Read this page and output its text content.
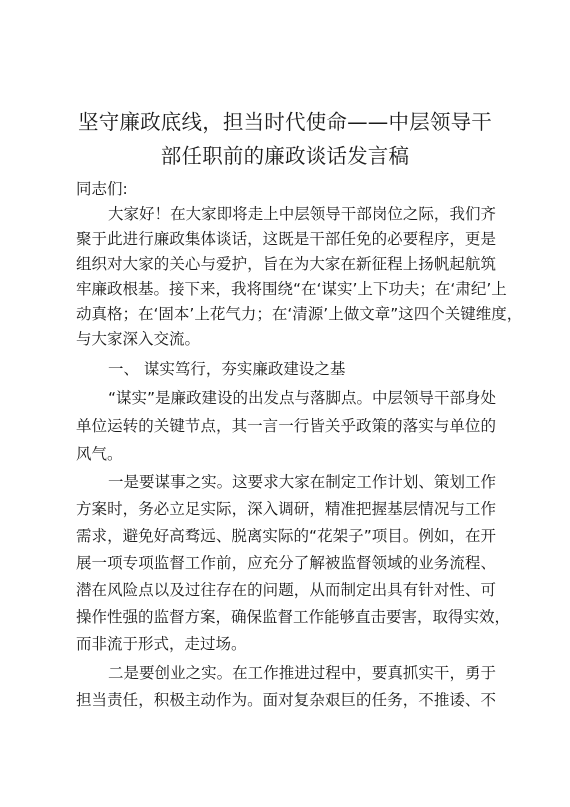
坚守廉政底线，担当时代使命——中层领导干
部任职前的廉政谈话发言稿
同志们:
大家好！在大家即将走上中层领导干部岗位之际，我们齐
聚于此进行廉政集体谈话，这既是干部任免的必要程序，更是
组织对大家的关心与爱护，旨在为大家在新征程上扬帆起航筑
牢廉政根基。接下来，我将围绕“在‘谋实’上下功夫；在‘肃纪’上
动真格；在‘固本’上花气力；在‘清源’上做文章”这四个关键维度，
与大家深入交流。
一、 谋实笃行，夯实廉政建设之基
“谋实”是廉政建设的出发点与落脚点。中层领导干部身处
单位运转的关键节点，其一言一行皆关乎政策的落实与单位的
风气。
一是要谋事之实。这要求大家在制定工作计划、策划工作
方案时，务必立足实际，深入调研，精准把握基层情况与工作
需求，避免好高骛远、脱离实际的“花架子”项目。例如，在开
展一项专项监督工作前，应充分了解被监督领域的业务流程、
潜在风险点以及过往存在的问题，从而制定出具有针对性、可
操作性强的监督方案，确保监督工作能够直击要害，取得实效，
而非流于形式，走过场。
二是要创业之实。在工作推进过程中，要真抓实干，勇于
担当责任，积极主动作为。面对复杂艰巨的任务，不推诿、不
